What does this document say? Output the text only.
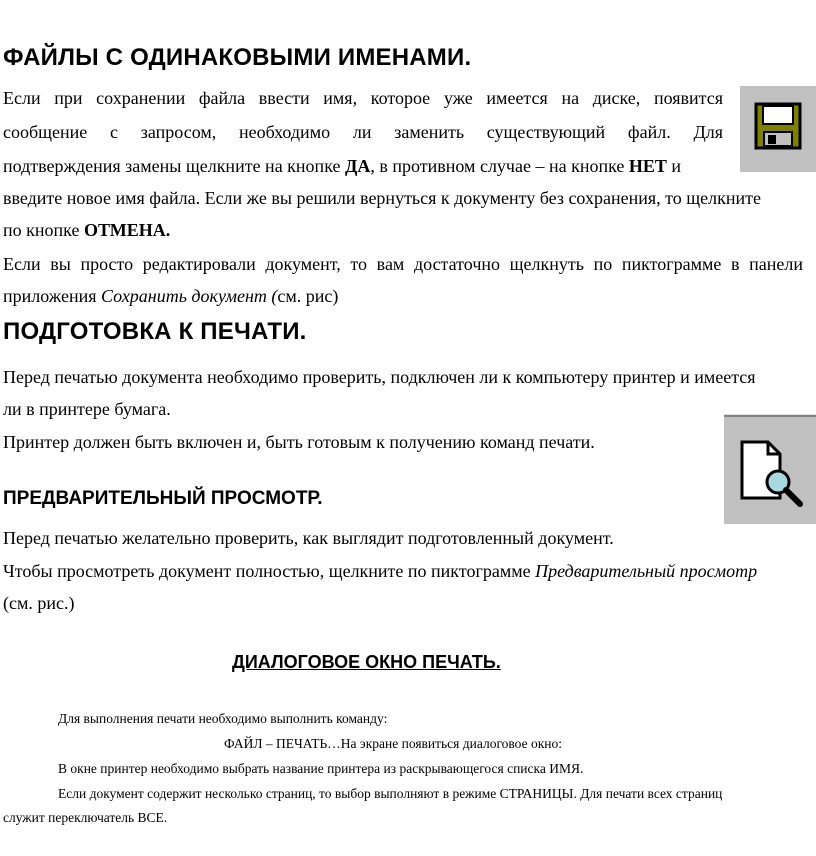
ФАЙЛЫ С ОДИНАКОВЫМИ ИМЕНАМИ.
Если при сохранении файла ввести имя, которое уже имеется на диске, появится
сообщение с запросом, необходимо ли заменить существующий файл. Для
подтверждения замены щелкните на кнопке ДА, в противном случае – на кнопке НЕТ и
введите новое имя файла. Если же вы решили вернуться к документу без сохранения, то щелкните
по кнопке ОТМЕНА.
Если вы просто редактировали документ, то вам достаточно щелкнуть по пиктограмме в панели
приложения Сохранить документ (см. рис)
ПОДГОТОВКА К ПЕЧАТИ.
Перед печатью документа необходимо проверить, подключен ли к компьютеру принтер и имеется
ли в принтере бумага.
Принтер должен быть включен и, быть готовым к получению команд печати.
ПРЕДВАРИТЕЛЬНЫЙ ПРОСМОТР.
Перед печатью желательно проверить, как выглядит подготовленный документ.
Чтобы просмотреть документ полностью, щелкните по пиктограмме Предварительный просмотр
(см. рис.)
ДИАЛОГОВОЕ ОКНО ПЕЧАТЬ.
Для выполнения печати необходимо выполнить команду:
ФАЙЛ – ПЕЧАТЬ…На экране появиться диалоговое окно:
В окне принтер необходимо выбрать название принтера из раскрывающегося списка ИМЯ.
Если документ содержит несколько страниц, то выбор выполняют в режиме СТРАНИЦЫ. Для печати всех страниц
служит переключатель ВСЕ.
